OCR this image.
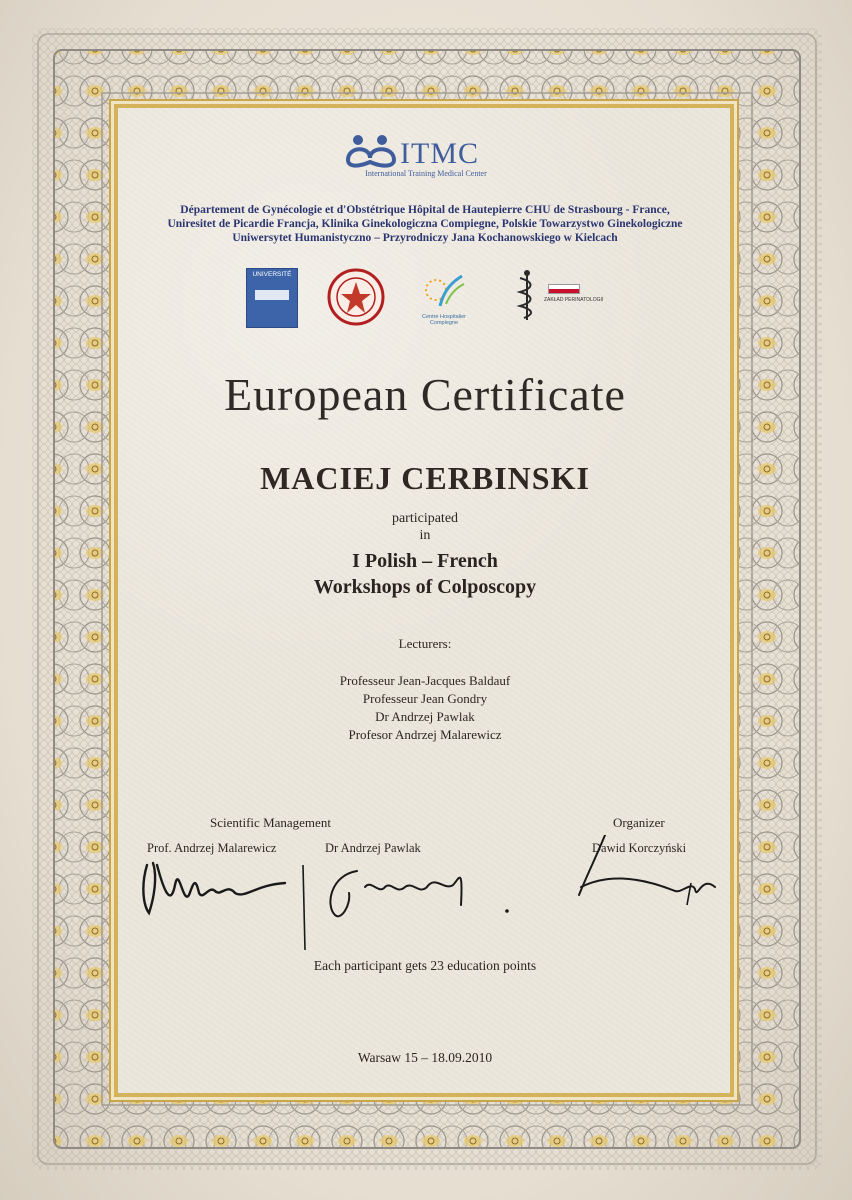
ITMC
International Training Medical Center
Département de Gynécologie et d'Obstétrique Hôpital de Hautepierre CHU de Strasbourg - France,
Uniresitet de Picardie Francja, Klinika Ginekologiczna Compiegne, Polskie Towarzystwo Ginekologiczne
Uniwersytet Humanistyczno – Przyrodniczy Jana Kochanowskiego w Kielcach
UNIVERSITÉ
Centre Hospitalier Compiegne
ZAKŁAD PERINATOLOGII
European Certificate
MACIEJ CERBINSKI
participated
in
I Polish – French
Workshops of Colposcopy
Lecturers:
Professeur Jean-Jacques Baldauf
Professeur Jean Gondry
Dr Andrzej Pawlak
Profesor Andrzej Malarewicz
Scientific Management	Organizer
Prof. Andrzej Malarewicz	Dr Andrzej Pawlak	Dawid Korczyński
Each participant gets 23 education points
Warsaw 15 – 18.09.2010
